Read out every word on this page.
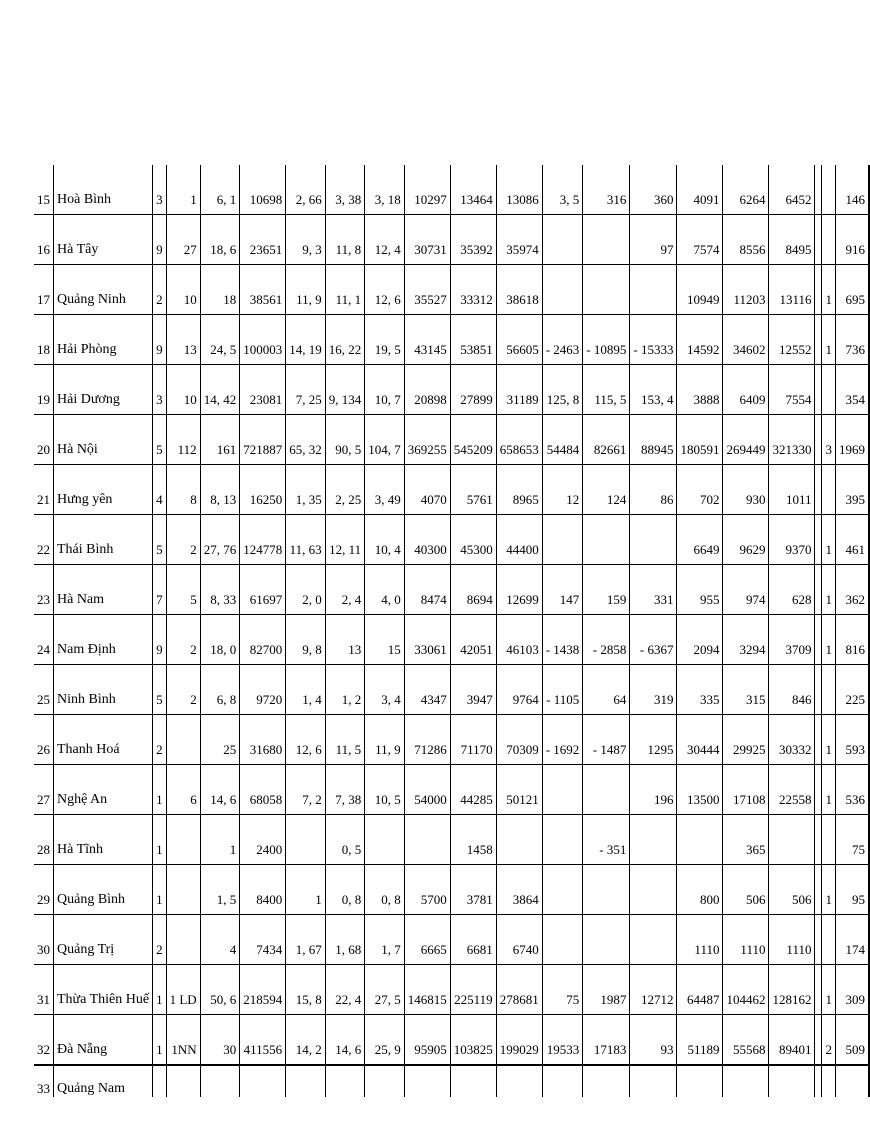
15	Hoà Bình	3	1	6, 1	10698	2, 66	3, 38	3, 18	10297	13464	13086	3, 5	316	360	4091	6264	6452			146
16	Hà Tây	9	27	18, 6	23651	9, 3	11, 8	12, 4	30731	35392	35974			97	7574	8556	8495			916
17	Quảng Ninh	2	10	18	38561	11, 9	11, 1	12, 6	35527	33312	38618				10949	11203	13116		1	695
18	Hải Phòng	9	13	24, 5	100003	14, 19	16, 22	19, 5	43145	53851	56605	- 2463	- 10895	- 15333	14592	34602	12552		1	736
19	Hải Dương	3	10	14, 42	23081	7, 25	9, 134	10, 7	20898	27899	31189	125, 8	115, 5	153, 4	3888	6409	7554			354
20	Hà Nội	5	112	161	721887	65, 32	90, 5	104, 7	369255	545209	658653	54484	82661	88945	180591	269449	321330		3	1969
21	Hưng yên	4	8	8, 13	16250	1, 35	2, 25	3, 49	4070	5761	8965	12	124	86	702	930	1011			395
22	Thái Bình	5	2	27, 76	124778	11, 63	12, 11	10, 4	40300	45300	44400				6649	9629	9370		1	461
23	Hà Nam	7	5	8, 33	61697	2, 0	2, 4	4, 0	8474	8694	12699	147	159	331	955	974	628		1	362
24	Nam Định	9	2	18, 0	82700	9, 8	13	15	33061	42051	46103	- 1438	- 2858	- 6367	2094	3294	3709		1	816
25	Ninh Bình	5	2	6, 8	9720	1, 4	1, 2	3, 4	4347	3947	9764	- 1105	64	319	335	315	846			225
26	Thanh Hoá	2		25	31680	12, 6	11, 5	11, 9	71286	71170	70309	- 1692	- 1487	1295	30444	29925	30332		1	593
27	Nghệ An	1	6	14, 6	68058	7, 2	7, 38	10, 5	54000	44285	50121			196	13500	17108	22558		1	536
28	Hà Tĩnh	1		1	2400		0, 5			1458			- 351			365				75
29	Quảng Bình	1		1, 5	8400	1	0, 8	0, 8	5700	3781	3864				800	506	506		1	95
30	Quảng Trị	2		4	7434	1, 67	1, 68	1, 7	6665	6681	6740				1110	1110	1110			174
31	Thừa Thiên Huế	1	1 LD	50, 6	218594	15, 8	22, 4	27, 5	146815	225119	278681	75	1987	12712	64487	104462	128162		1	309
32	Đà Nẵng	1	1NN	30	411556	14, 2	14, 6	25, 9	95905	103825	199029	19533	17183	93	51189	55568	89401		2	509
33	Quảng Nam																			
